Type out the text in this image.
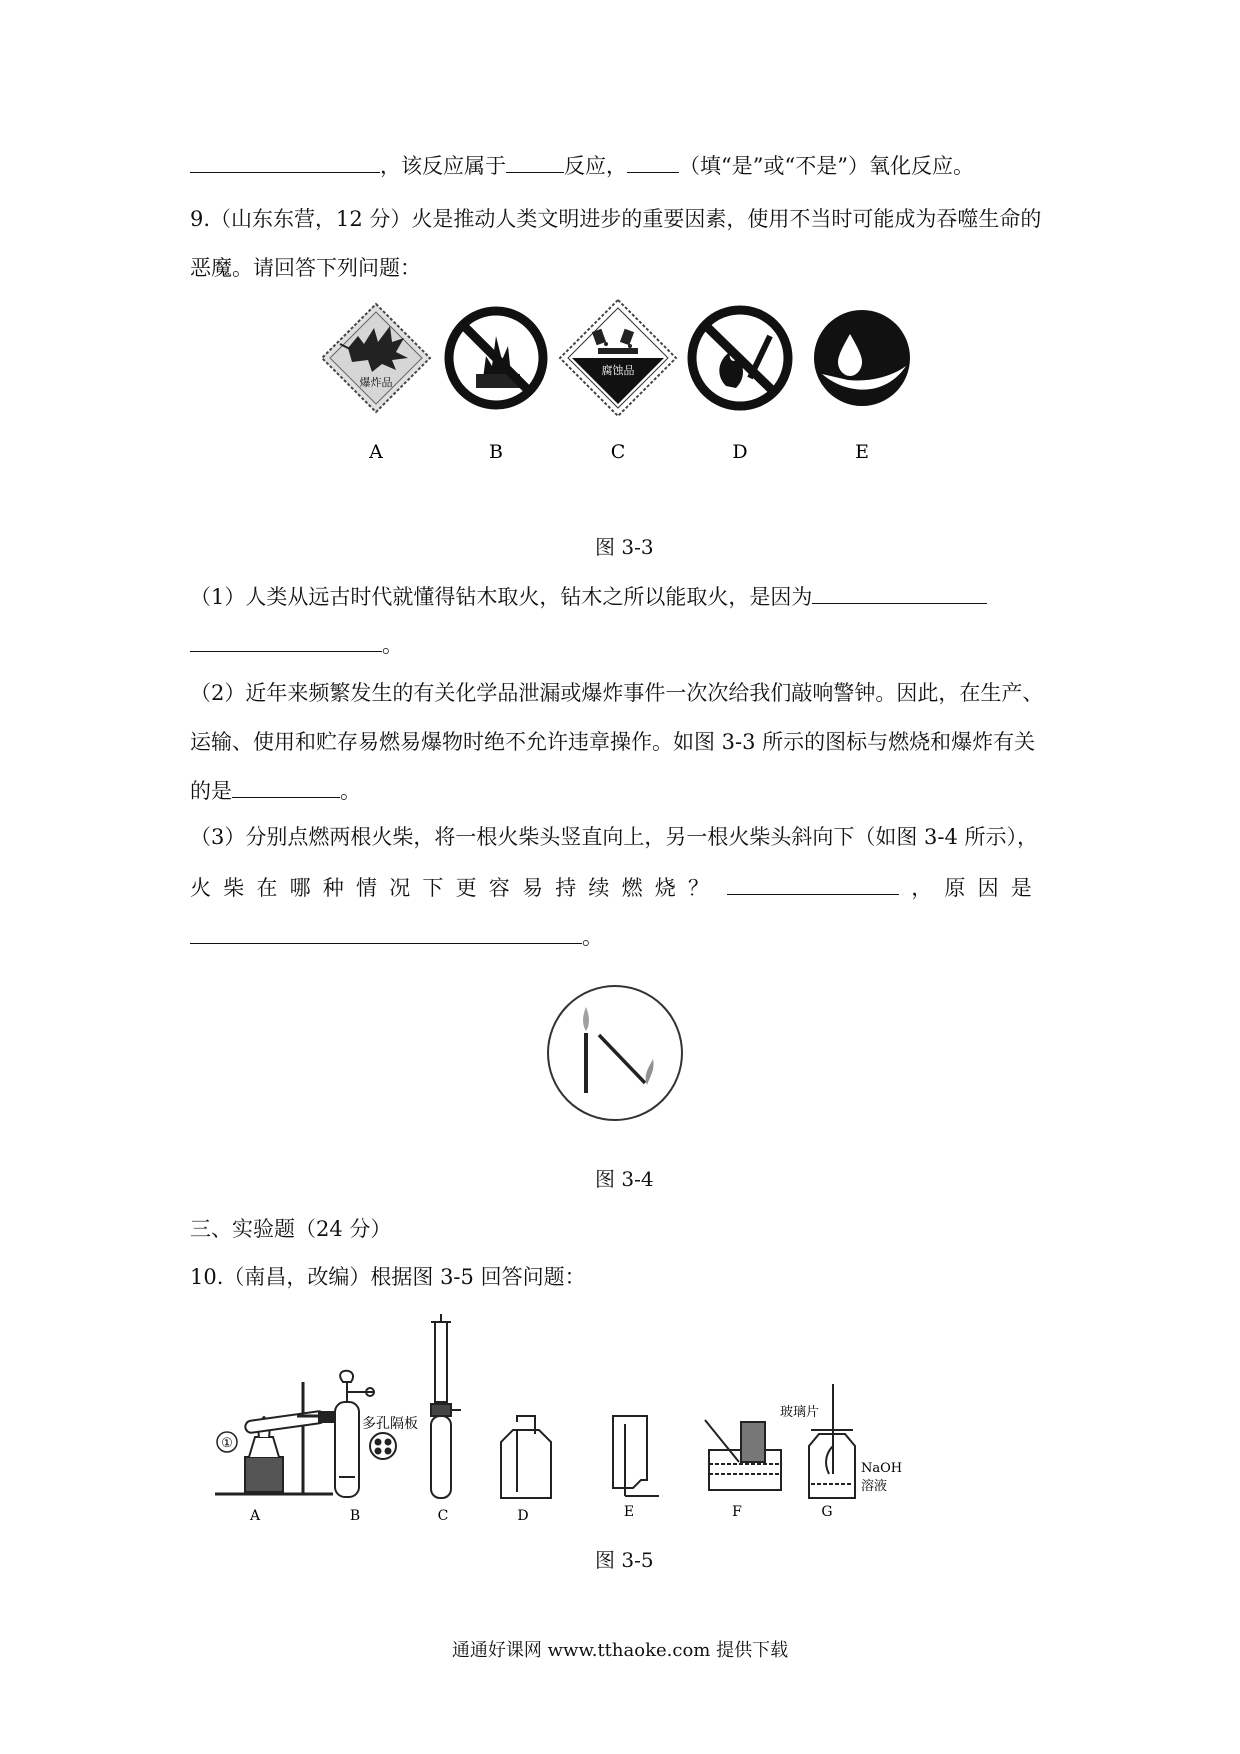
，该反应属于	反应， （填“是”或“不是”）氧化反应。
9.（山东东营，12 分）火是推动人类文明进步的重要因素，使用不当时可能成为吞噬生命的
恶魔。请回答下列问题：
爆炸品
腐蚀品
A	B	C	D	E
图 3-3
（1）人类从远古时代就懂得钻木取火，钻木之所以能取火，是因为
。
（2）近年来频繁发生的有关化学品泄漏或爆炸事件一次次给我们敲响警钟。因此，在生产、
运输、使用和贮存易燃易爆物时绝不允许违章操作。如图 3-3 所示的图标与燃烧和爆炸有关
的是	。
（3）分别点燃两根火柴，将一根火柴头竖直向上，另一根火柴头斜向下（如图 3-4 所示），
火柴在哪种情况下更容易持续燃烧？	，原因是
。
图 3-4
三、实验题（24 分）
10.（南昌，改编）根据图 3-5 回答问题：
①
多孔隔板
玻璃片
NaOH
溶液
A	B	C	D	E	F	G
图 3-5
通通好课网 www.tthaoke.com 提供下载
